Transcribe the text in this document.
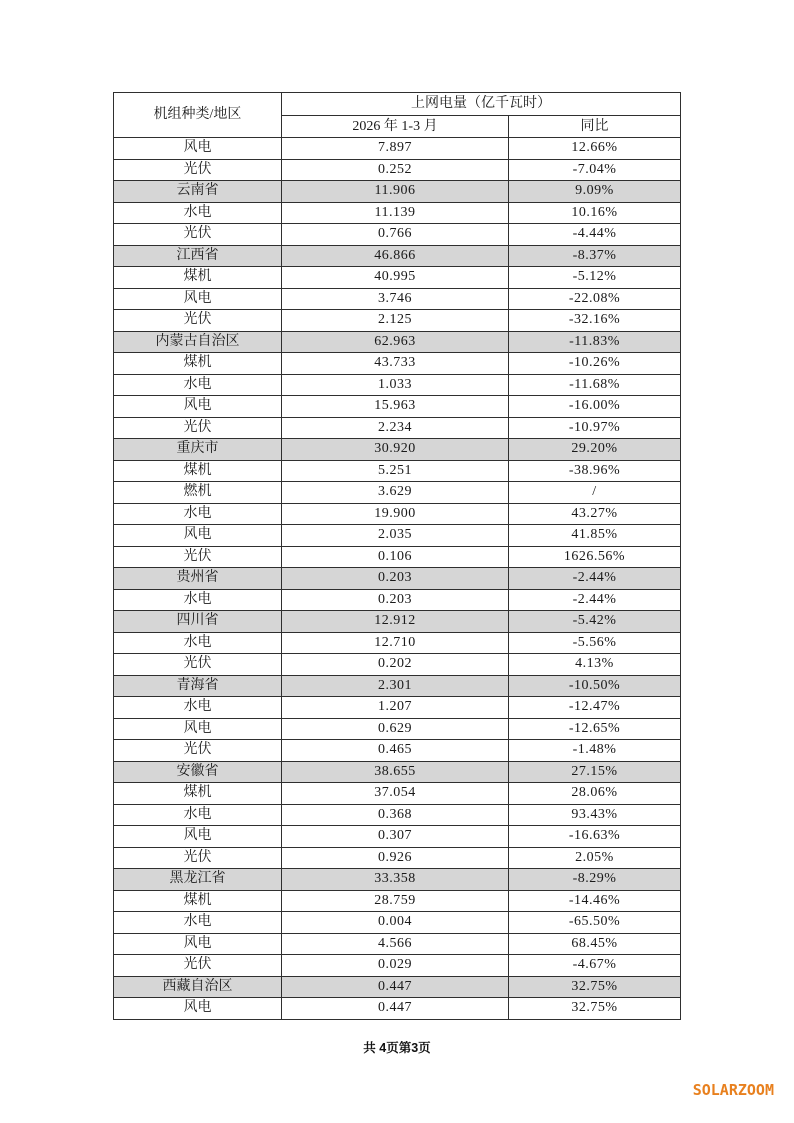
机组种类/地区	上网电量（亿千瓦时）	
	2026 年 1-3 月	同比
风电	7.897	12.66%
光伏	0.252	-7.04%
云南省	11.906	9.09%
水电	11.139	10.16%
光伏	0.766	-4.44%
江西省	46.866	-8.37%
煤机	40.995	-5.12%
风电	3.746	-22.08%
光伏	2.125	-32.16%
内蒙古自治区	62.963	-11.83%
煤机	43.733	-10.26%
水电	1.033	-11.68%
风电	15.963	-16.00%
光伏	2.234	-10.97%
重庆市	30.920	29.20%
煤机	5.251	-38.96%
燃机	3.629	/
水电	19.900	43.27%
风电	2.035	41.85%
光伏	0.106	1626.56%
贵州省	0.203	-2.44%
水电	0.203	-2.44%
四川省	12.912	-5.42%
水电	12.710	-5.56%
光伏	0.202	4.13%
青海省	2.301	-10.50%
水电	1.207	-12.47%
风电	0.629	-12.65%
光伏	0.465	-1.48%
安徽省	38.655	27.15%
煤机	37.054	28.06%
水电	0.368	93.43%
风电	0.307	-16.63%
光伏	0.926	2.05%
黑龙江省	33.358	-8.29%
煤机	28.759	-14.46%
水电	0.004	-65.50%
风电	4.566	68.45%
光伏	0.029	-4.67%
西藏自治区	0.447	32.75%
风电	0.447	32.75%
共 4页第3页
SOLARZOOM
